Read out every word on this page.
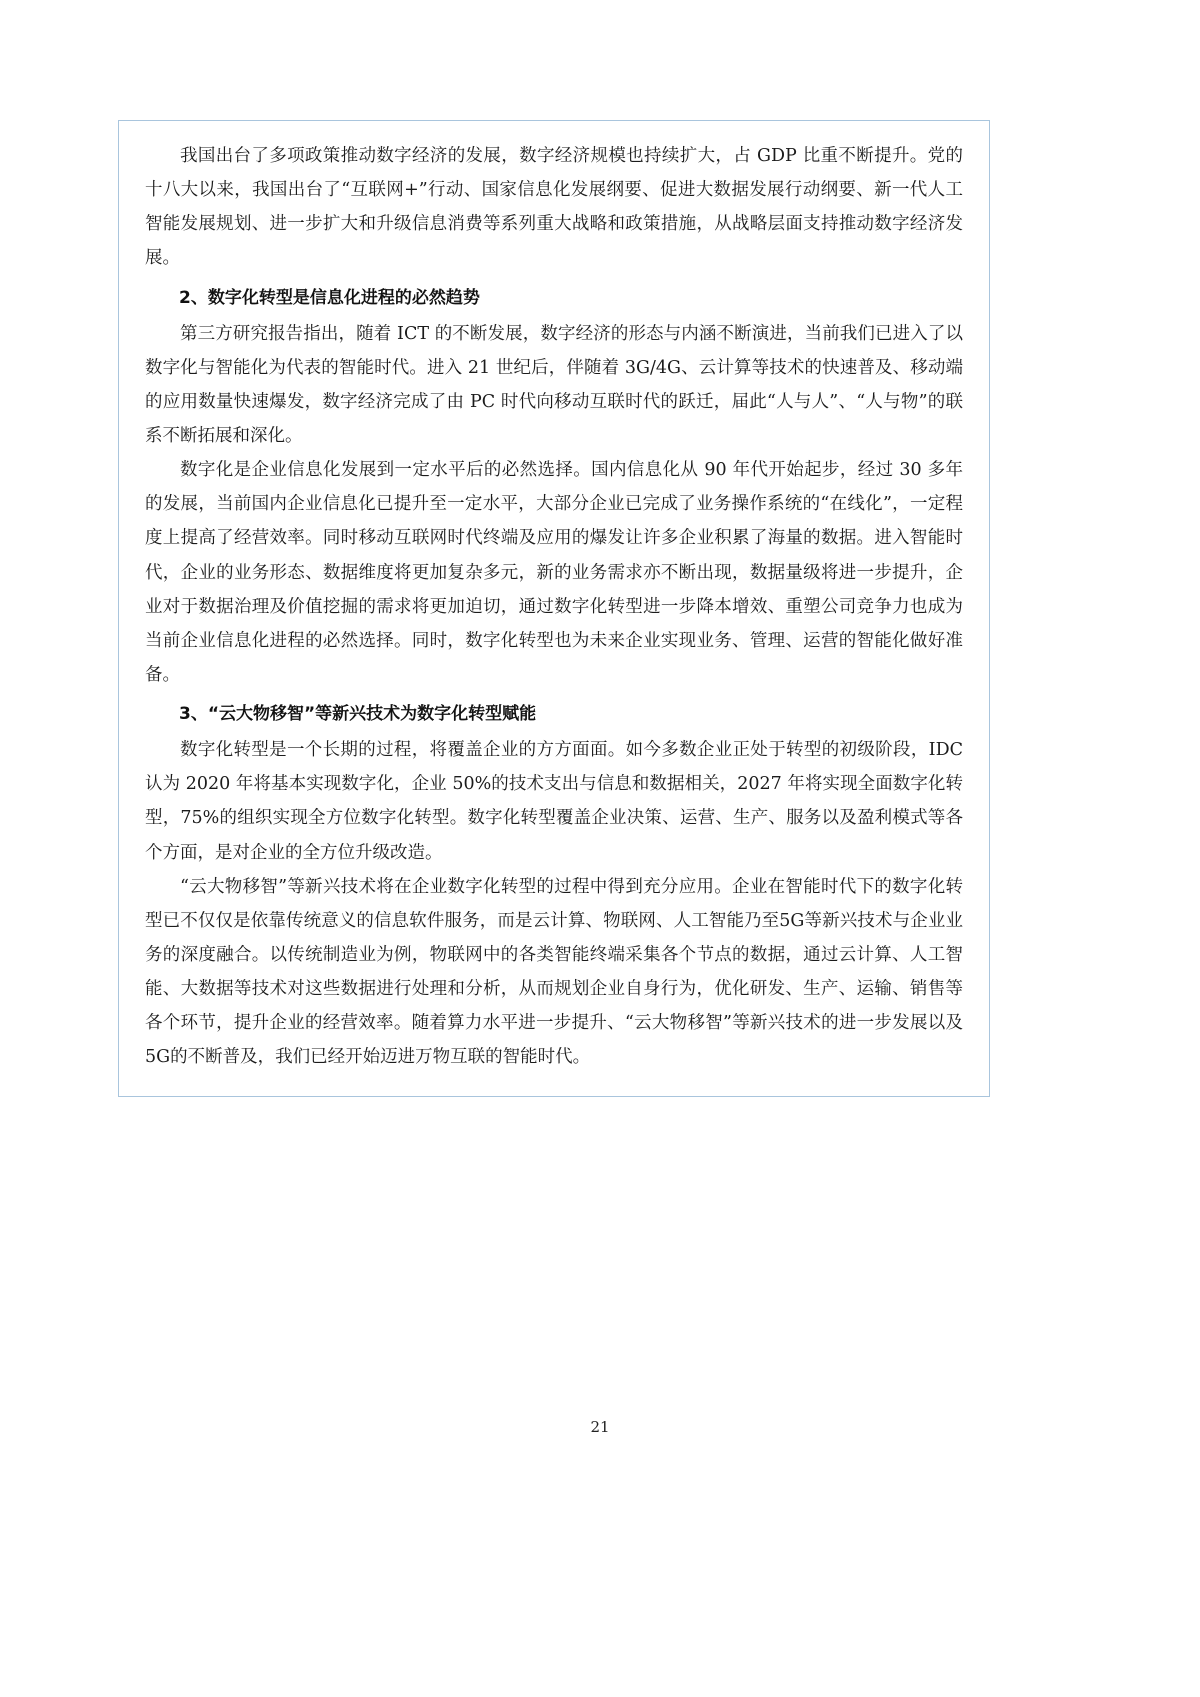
我国出台了多项政策推动数字经济的发展，数字经济规模也持续扩大，占 GDP 比重不断提升。党的十八大以来，我国出台了“互联网+”行动、国家信息化发展纲要、促进大数据发展行动纲要、新一代人工智能发展规划、进一步扩大和升级信息消费等系列重大战略和政策措施，从战略层面支持推动数字经济发展。

2、数字化转型是信息化进程的必然趋势

第三方研究报告指出，随着 ICT 的不断发展，数字经济的形态与内涵不断演进，当前我们已进入了以数字化与智能化为代表的智能时代。进入 21 世纪后，伴随着 3G/4G、云计算等技术的快速普及、移动端的应用数量快速爆发，数字经济完成了由 PC 时代向移动互联时代的跃迁，届此“人与人”、“人与物”的联系不断拓展和深化。

数字化是企业信息化发展到一定水平后的必然选择。国内信息化从 90 年代开始起步，经过 30 多年的发展，当前国内企业信息化已提升至一定水平，大部分企业已完成了业务操作系统的“在线化”，一定程度上提高了经营效率。同时移动互联网时代终端及应用的爆发让许多企业积累了海量的数据。进入智能时代，企业的业务形态、数据维度将更加复杂多元，新的业务需求亦不断出现，数据量级将进一步提升，企业对于数据治理及价值挖掘的需求将更加迫切，通过数字化转型进一步降本增效、重塑公司竞争力也成为当前企业信息化进程的必然选择。同时，数字化转型也为未来企业实现业务、管理、运营的智能化做好准备。

3、“云大物移智”等新兴技术为数字化转型赋能

数字化转型是一个长期的过程，将覆盖企业的方方面面。如今多数企业正处于转型的初级阶段，IDC 认为 2020 年将基本实现数字化，企业 50%的技术支出与信息和数据相关，2027 年将实现全面数字化转型，75%的组织实现全方位数字化转型。数字化转型覆盖企业决策、运营、生产、服务以及盈利模式等各个方面，是对企业的全方位升级改造。

“云大物移智”等新兴技术将在企业数字化转型的过程中得到充分应用。企业在智能时代下的数字化转型已不仅仅是依靠传统意义的信息软件服务，而是云计算、物联网、人工智能乃至5G等新兴技术与企业业务的深度融合。以传统制造业为例，物联网中的各类智能终端采集各个节点的数据，通过云计算、人工智能、大数据等技术对这些数据进行处理和分析，从而规划企业自身行为，优化研发、生产、运输、销售等各个环节，提升企业的经营效率。随着算力水平进一步提升、“云大物移智”等新兴技术的进一步发展以及5G的不断普及，我们已经开始迈进万物互联的智能时代。

21
